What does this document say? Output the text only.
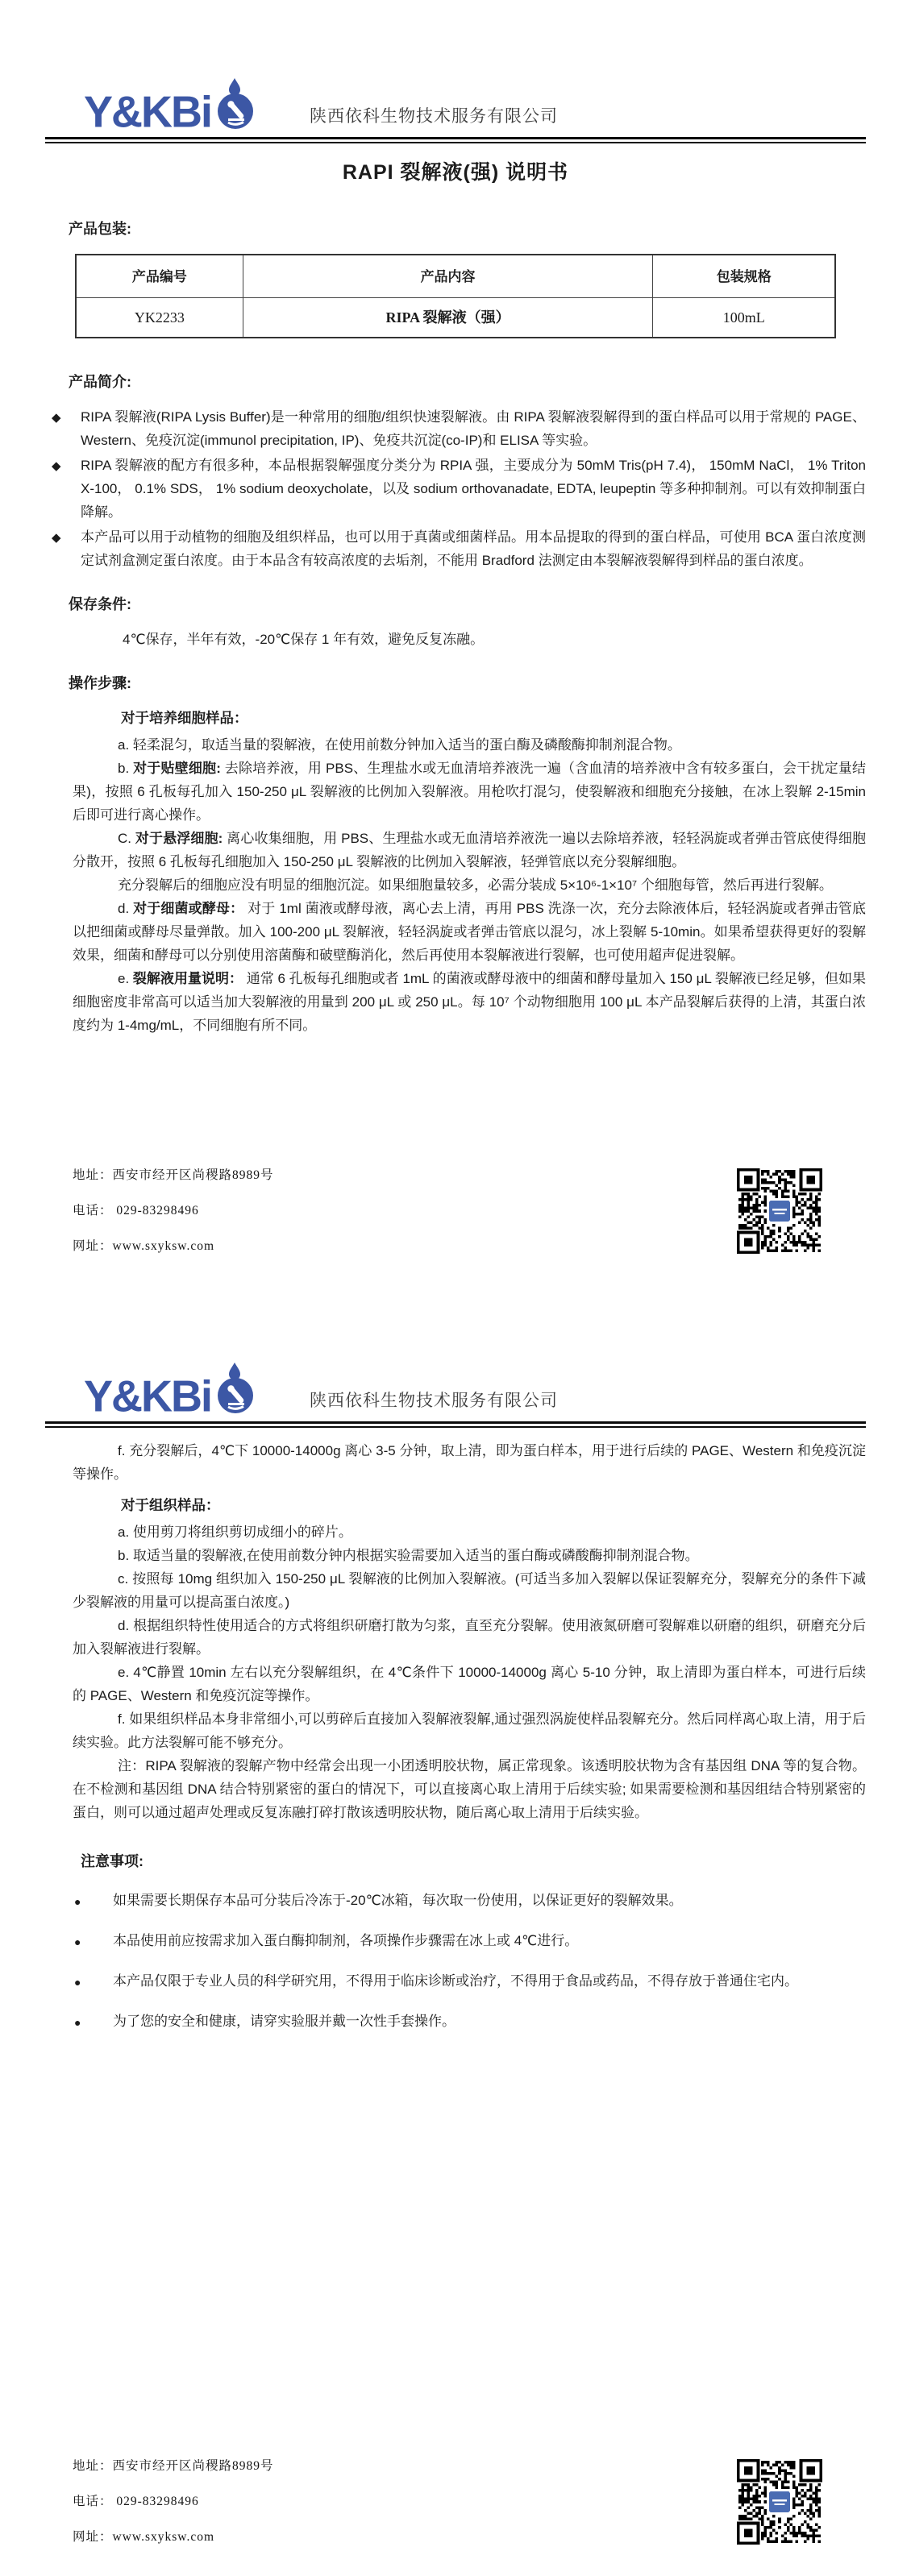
Y&KBi	陕西依科生物技术服务有限公司
RAPI 裂解液(强) 说明书
产品包装:
产品编号	产品内容	包装规格
YK2233	RIPA 裂解液（强）	100mL
产品简介:
◆	RIPA 裂解液(RIPA Lysis Buffer)是一种常用的细胞/组织快速裂解液。由 RIPA 裂解液裂解得到的蛋白样品可以用于常规的 PAGE、Western、免疫沉淀(immunol precipitation, IP)、免疫共沉淀(co-IP)和 ELISA 等实验。
◆	RIPA 裂解液的配方有很多种，本品根据裂解强度分类分为 RPIA 强，主要成分为 50mM Tris(pH 7.4)， 150mM NaCl， 1% Triton X-100， 0.1% SDS， 1% sodium deoxycholate，以及 sodium orthovanadate, EDTA, leupeptin 等多种抑制剂。可以有效抑制蛋白降解。
◆	本产品可以用于动植物的细胞及组织样品，也可以用于真菌或细菌样品。用本品提取的得到的蛋白样品，可使用 BCA 蛋白浓度测定试剂盒测定蛋白浓度。由于本品含有较高浓度的去垢剂，不能用 Bradford 法测定由本裂解液裂解得到样品的蛋白浓度。
保存条件:
4℃保存，半年有效，-20℃保存 1 年有效，避免反复冻融。
操作步骤:
对于培养细胞样品：
a. 轻柔混匀，取适当量的裂解液，在使用前数分钟加入适当的蛋白酶及磷酸酶抑制剂混合物。
b. 对于贴壁细胞: 去除培养液，用 PBS、生理盐水或无血清培养液洗一遍（含血清的培养液中含有较多蛋白，会干扰定量结果)，按照 6 孔板每孔加入 150-250 μL 裂解液的比例加入裂解液。用枪吹打混匀，使裂解液和细胞充分接触，在冰上裂解 2-15min 后即可进行离心操作。
C. 对于悬浮细胞: 离心收集细胞，用 PBS、生理盐水或无血清培养液洗一遍以去除培养液，轻轻涡旋或者弹击管底使得细胞分散开，按照 6 孔板每孔细胞加入 150-250 μL 裂解液的比例加入裂解液，轻弹管底以充分裂解细胞。
充分裂解后的细胞应没有明显的细胞沉淀。如果细胞量较多，必需分装成 5×10⁶-1×10⁷ 个细胞每管，然后再进行裂解。
d. 对于细菌或酵母： 对于 1ml 菌液或酵母液，离心去上清，再用 PBS 洗涤一次，充分去除液体后，轻轻涡旋或者弹击管底以把细菌或酵母尽量弹散。加入 100-200 μL 裂解液，轻轻涡旋或者弹击管底以混匀，冰上裂解 5-10min。如果希望获得更好的裂解效果，细菌和酵母可以分别使用溶菌酶和破壁酶消化，然后再使用本裂解液进行裂解，也可使用超声促进裂解。
e. 裂解液用量说明： 通常 6 孔板每孔细胞或者 1mL 的菌液或酵母液中的细菌和酵母量加入 150 μL 裂解液已经足够，但如果细胞密度非常高可以适当加大裂解液的用量到 200 μL 或 250 μL。每 10⁷ 个动物细胞用 100 μL 本产品裂解后获得的上清，其蛋白浓度约为 1-4mg/mL，不同细胞有所不同。
地址：西安市经开区尚稷路8989号
电话： 029-83298496
网址：www.sxyksw.com
Y&KBi	陕西依科生物技术服务有限公司
f. 充分裂解后，4℃下 10000-14000g 离心 3-5 分钟，取上清，即为蛋白样本，用于进行后续的 PAGE、Western 和免疫沉淀等操作。
对于组织样品：
a. 使用剪刀将组织剪切成细小的碎片。
b. 取适当量的裂解液,在使用前数分钟内根据实验需要加入适当的蛋白酶或磷酸酶抑制剂混合物。
c. 按照每 10mg 组织加入 150-250 μL 裂解液的比例加入裂解液。(可适当多加入裂解以保证裂解充分，裂解充分的条件下减少裂解液的用量可以提高蛋白浓度。)
d. 根据组织特性使用适合的方式将组织研磨打散为匀浆，直至充分裂解。使用液氮研磨可裂解难以研磨的组织，研磨充分后加入裂解液进行裂解。
e. 4℃静置 10min 左右以充分裂解组织，在 4℃条件下 10000-14000g 离心 5-10 分钟，取上清即为蛋白样本，可进行后续的 PAGE、Western 和免疫沉淀等操作。
f. 如果组织样品本身非常细小,可以剪碎后直接加入裂解液裂解,通过强烈涡旋使样品裂解充分。然后同样离心取上清，用于后续实验。此方法裂解可能不够充分。
注：RIPA 裂解液的裂解产物中经常会出现一小团透明胶状物，属正常现象。该透明胶状物为含有基因组 DNA 等的复合物。在不检测和基因组 DNA 结合特别紧密的蛋白的情况下，可以直接离心取上清用于后续实验; 如果需要检测和基因组结合特别紧密的蛋白，则可以通过超声处理或反复冻融打碎打散该透明胶状物，随后离心取上清用于后续实验。
注意事项:
●	如果需要长期保存本品可分装后冷冻于-20℃冰箱，每次取一份使用，以保证更好的裂解效果。
●	本品使用前应按需求加入蛋白酶抑制剂，各项操作步骤需在冰上或 4℃进行。
●	本产品仅限于专业人员的科学研究用，不得用于临床诊断或治疗，不得用于食品或药品，不得存放于普通住宅内。
●	为了您的安全和健康，请穿实验服并戴一次性手套操作。
地址：西安市经开区尚稷路8989号
电话： 029-83298496
网址：www.sxyksw.com
